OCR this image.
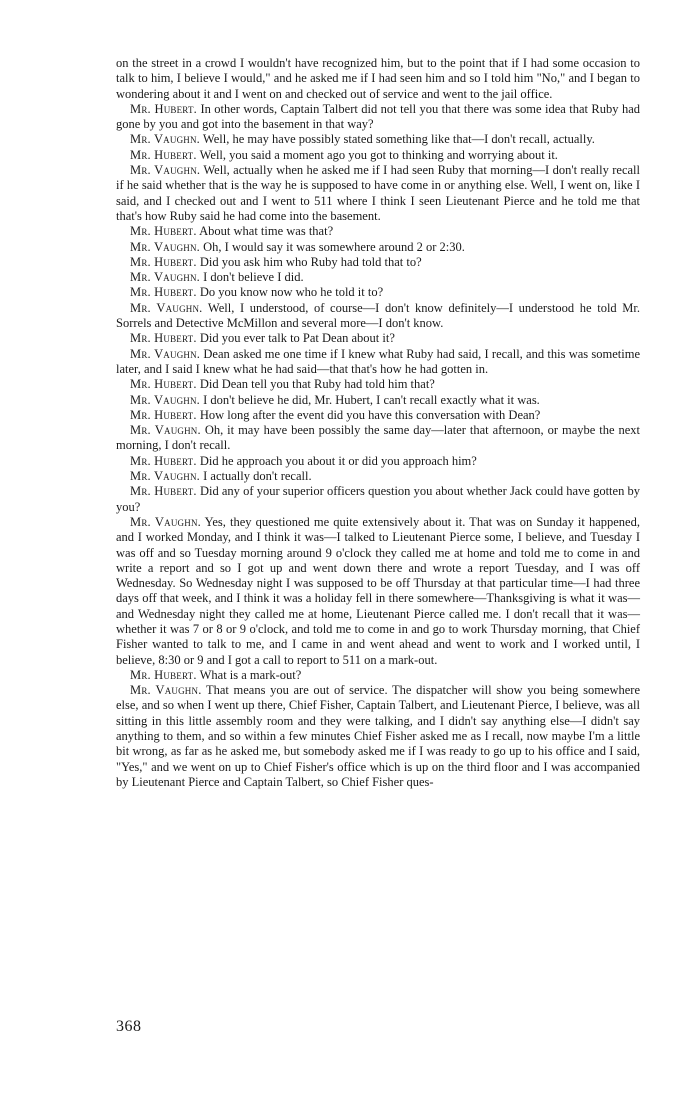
on the street in a crowd I wouldn't have recognized him, but to the point that if I had some occasion to talk to him, I believe I would," and he asked me if I had seen him and so I told him "No," and I began to wondering about it and I went on and checked out of service and went to the jail office.

Mr. Hubert. In other words, Captain Talbert did not tell you that there was some idea that Ruby had gone by you and got into the basement in that way?

Mr. Vaughn. Well, he may have possibly stated something like that—I don't recall, actually.

Mr. Hubert. Well, you said a moment ago you got to thinking and worrying about it.

Mr. Vaughn. Well, actually when he asked me if I had seen Ruby that morning—I don't really recall if he said whether that is the way he is supposed to have come in or anything else. Well, I went on, like I said, and I checked out and I went to 511 where I think I seen Lieutenant Pierce and he told me that that's how Ruby said he had come into the basement.

Mr. Hubert. About what time was that?

Mr. Vaughn. Oh, I would say it was somewhere around 2 or 2:30.

Mr. Hubert. Did you ask him who Ruby had told that to?

Mr. Vaughn. I don't believe I did.

Mr. Hubert. Do you know now who he told it to?

Mr. Vaughn. Well, I understood, of course—I don't know definitely—I understood he told Mr. Sorrels and Detective McMillon and several more—I don't know.

Mr. Hubert. Did you ever talk to Pat Dean about it?

Mr. Vaughn. Dean asked me one time if I knew what Ruby had said, I recall, and this was sometime later, and I said I knew what he had said—that that's how he had gotten in.

Mr. Hubert. Did Dean tell you that Ruby had told him that?

Mr. Vaughn. I don't believe he did, Mr. Hubert, I can't recall exactly what it was.

Mr. Hubert. How long after the event did you have this conversation with Dean?

Mr. Vaughn. Oh, it may have been possibly the same day—later that afternoon, or maybe the next morning, I don't recall.

Mr. Hubert. Did he approach you about it or did you approach him?

Mr. Vaughn. I actually don't recall.

Mr. Hubert. Did any of your superior officers question you about whether Jack could have gotten by you?

Mr. Vaughn. Yes, they questioned me quite extensively about it. That was on Sunday it happened, and I worked Monday, and I think it was—I talked to Lieutenant Pierce some, I believe, and Tuesday I was off and so Tuesday morning around 9 o'clock they called me at home and told me to come in and write a report and so I got up and went down there and wrote a report Tuesday, and I was off Wednesday. So Wednesday night I was supposed to be off Thursday at that particular time—I had three days off that week, and I think it was a holiday fell in there somewhere—Thanksgiving is what it was—and Wednesday night they called me at home, Lieutenant Pierce called me. I don't recall that it was—whether it was 7 or 8 or 9 o'clock, and told me to come in and go to work Thursday morning, that Chief Fisher wanted to talk to me, and I came in and went ahead and went to work and I worked until, I believe, 8:30 or 9 and I got a call to report to 511 on a mark-out.

Mr. Hubert. What is a mark-out?

Mr. Vaughn. That means you are out of service. The dispatcher will show you being somewhere else, and so when I went up there, Chief Fisher, Captain Talbert, and Lieutenant Pierce, I believe, was all sitting in this little assembly room and they were talking, and I didn't say anything else—I didn't say anything to them, and so within a few minutes Chief Fisher asked me as I recall, now maybe I'm a little bit wrong, as far as he asked me, but somebody asked me if I was ready to go up to his office and I said, "Yes," and we went on up to Chief Fisher's office which is up on the third floor and I was accompanied by Lieutenant Pierce and Captain Talbert, so Chief Fisher ques-

368
